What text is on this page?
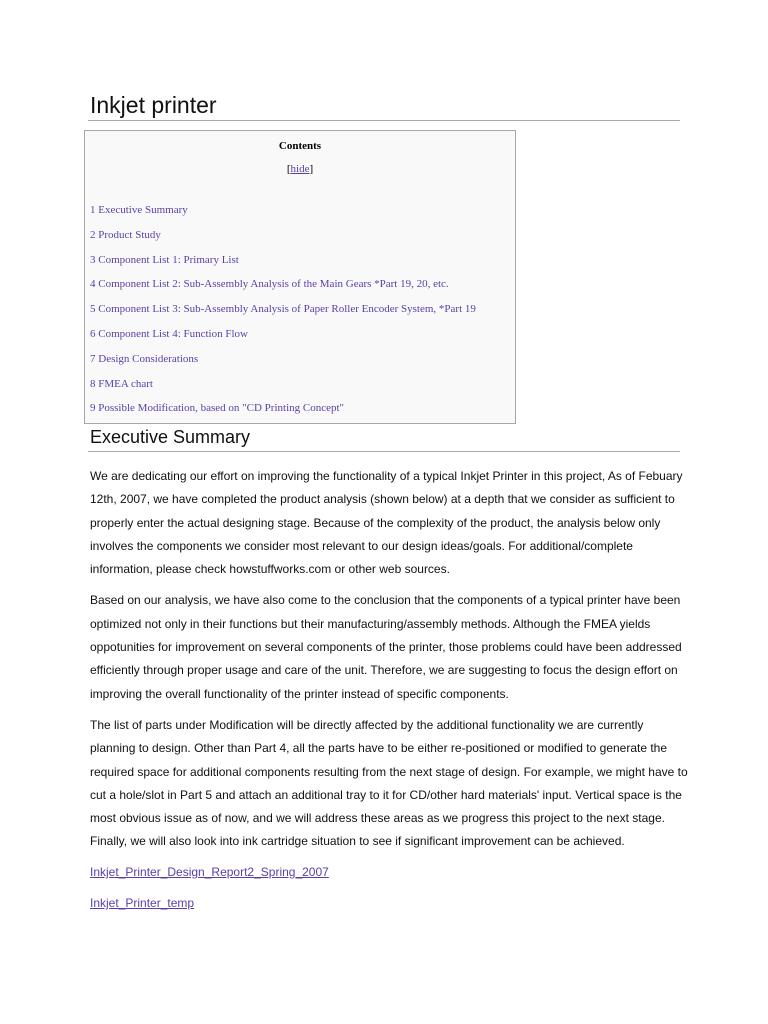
Inkjet printer
Contents
[hide]
1 Executive Summary
2 Product Study
3 Component List 1: Primary List
4 Component List 2: Sub-Assembly Analysis of the Main Gears *Part 19, 20, etc.
5 Component List 3: Sub-Assembly Analysis of Paper Roller Encoder System, *Part 19
6 Component List 4: Function Flow
7 Design Considerations
8 FMEA chart
9 Possible Modification, based on "CD Printing Concept"
Executive Summary

We are dedicating our effort on improving the functionality of a typical Inkjet Printer in this project, As of Febuary 12th, 2007, we have completed the product analysis (shown below) at a depth that we consider as sufficient to properly enter the actual designing stage. Because of the complexity of the product, the analysis below only involves the components we consider most relevant to our design ideas/goals. For additional/complete information, please check howstuffworks.com or other web sources.

Based on our analysis, we have also come to the conclusion that the components of a typical printer have been optimized not only in their functions but their manufacturing/assembly methods. Although the FMEA yields oppotunities for improvement on several components of the printer, those problems could have been addressed efficiently through proper usage and care of the unit. Therefore, we are suggesting to focus the design effort on improving the overall functionality of the printer instead of specific components.

The list of parts under Modification will be directly affected by the additional functionality we are currently planning to design. Other than Part 4, all the parts have to be either re-positioned or modified to generate the required space for additional components resulting from the next stage of design. For example, we might have to cut a hole/slot in Part 5 and attach an additional tray to it for CD/other hard materials' input. Vertical space is the most obvious issue as of now, and we will address these areas as we progress this project to the next stage. Finally, we will also look into ink cartridge situation to see if significant improvement can be achieved.

Inkjet_Printer_Design_Report2_Spring_2007
Inkjet_Printer_temp
